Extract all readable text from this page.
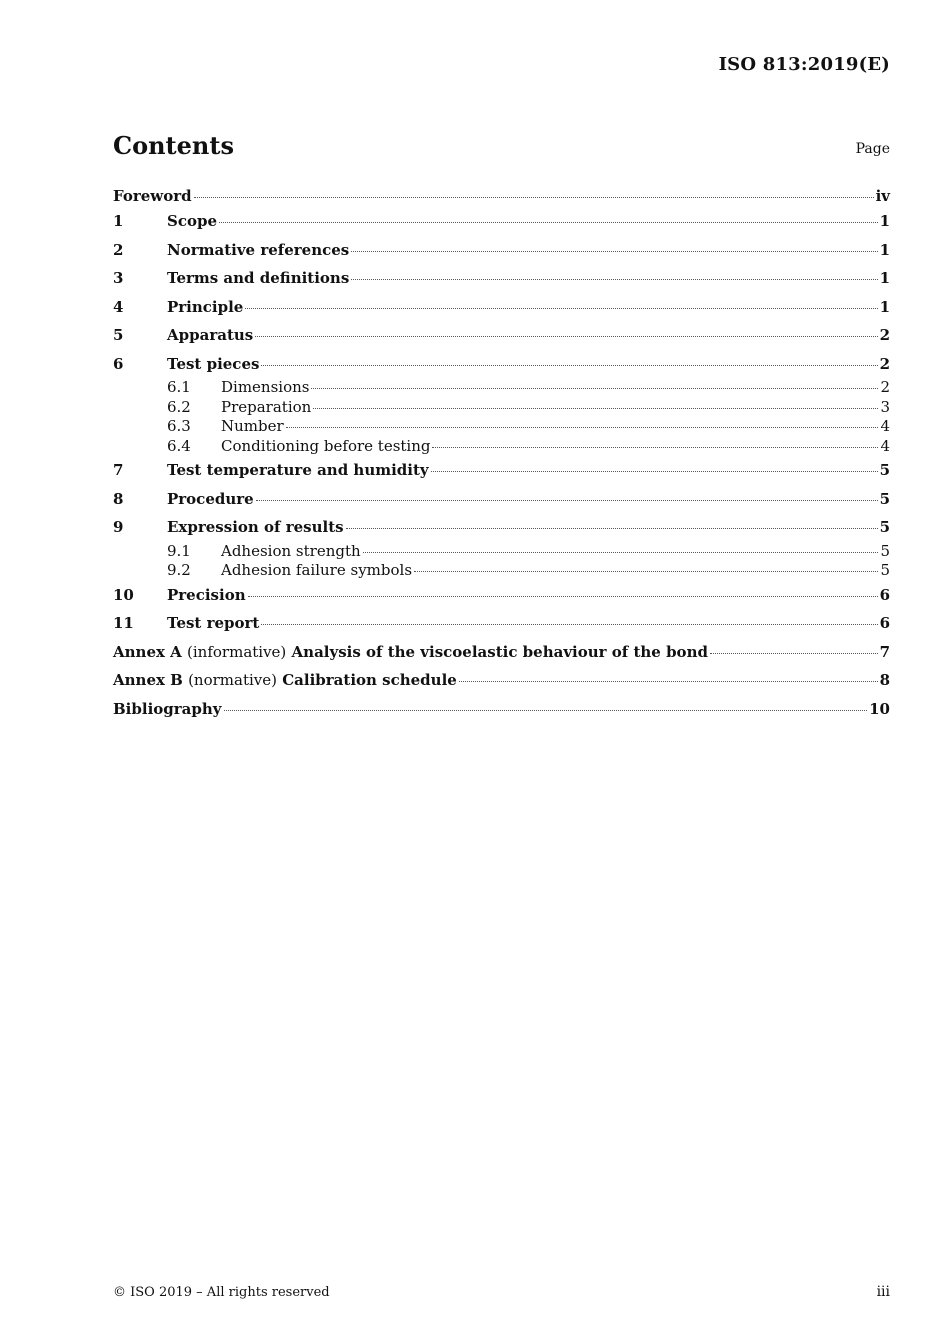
ISO 813:2019(E)
Contents	Page
Foreword	iv
1	Scope	1
2	Normative references	1
3	Terms and definitions	1
4	Principle	1
5	Apparatus	2
6	Test pieces	2
6.1	Dimensions	2
6.2	Preparation	3
6.3	Number	4
6.4	Conditioning before testing	4
7	Test temperature and humidity	5
8	Procedure	5
9	Expression of results	5
9.1	Adhesion strength	5
9.2	Adhesion failure symbols	5
10	Precision	6
11	Test report	6
Annex A (informative) Analysis of the viscoelastic behaviour of the bond	7
Annex B (normative) Calibration schedule	8
Bibliography	10
© ISO 2019 – All rights reserved	iii
